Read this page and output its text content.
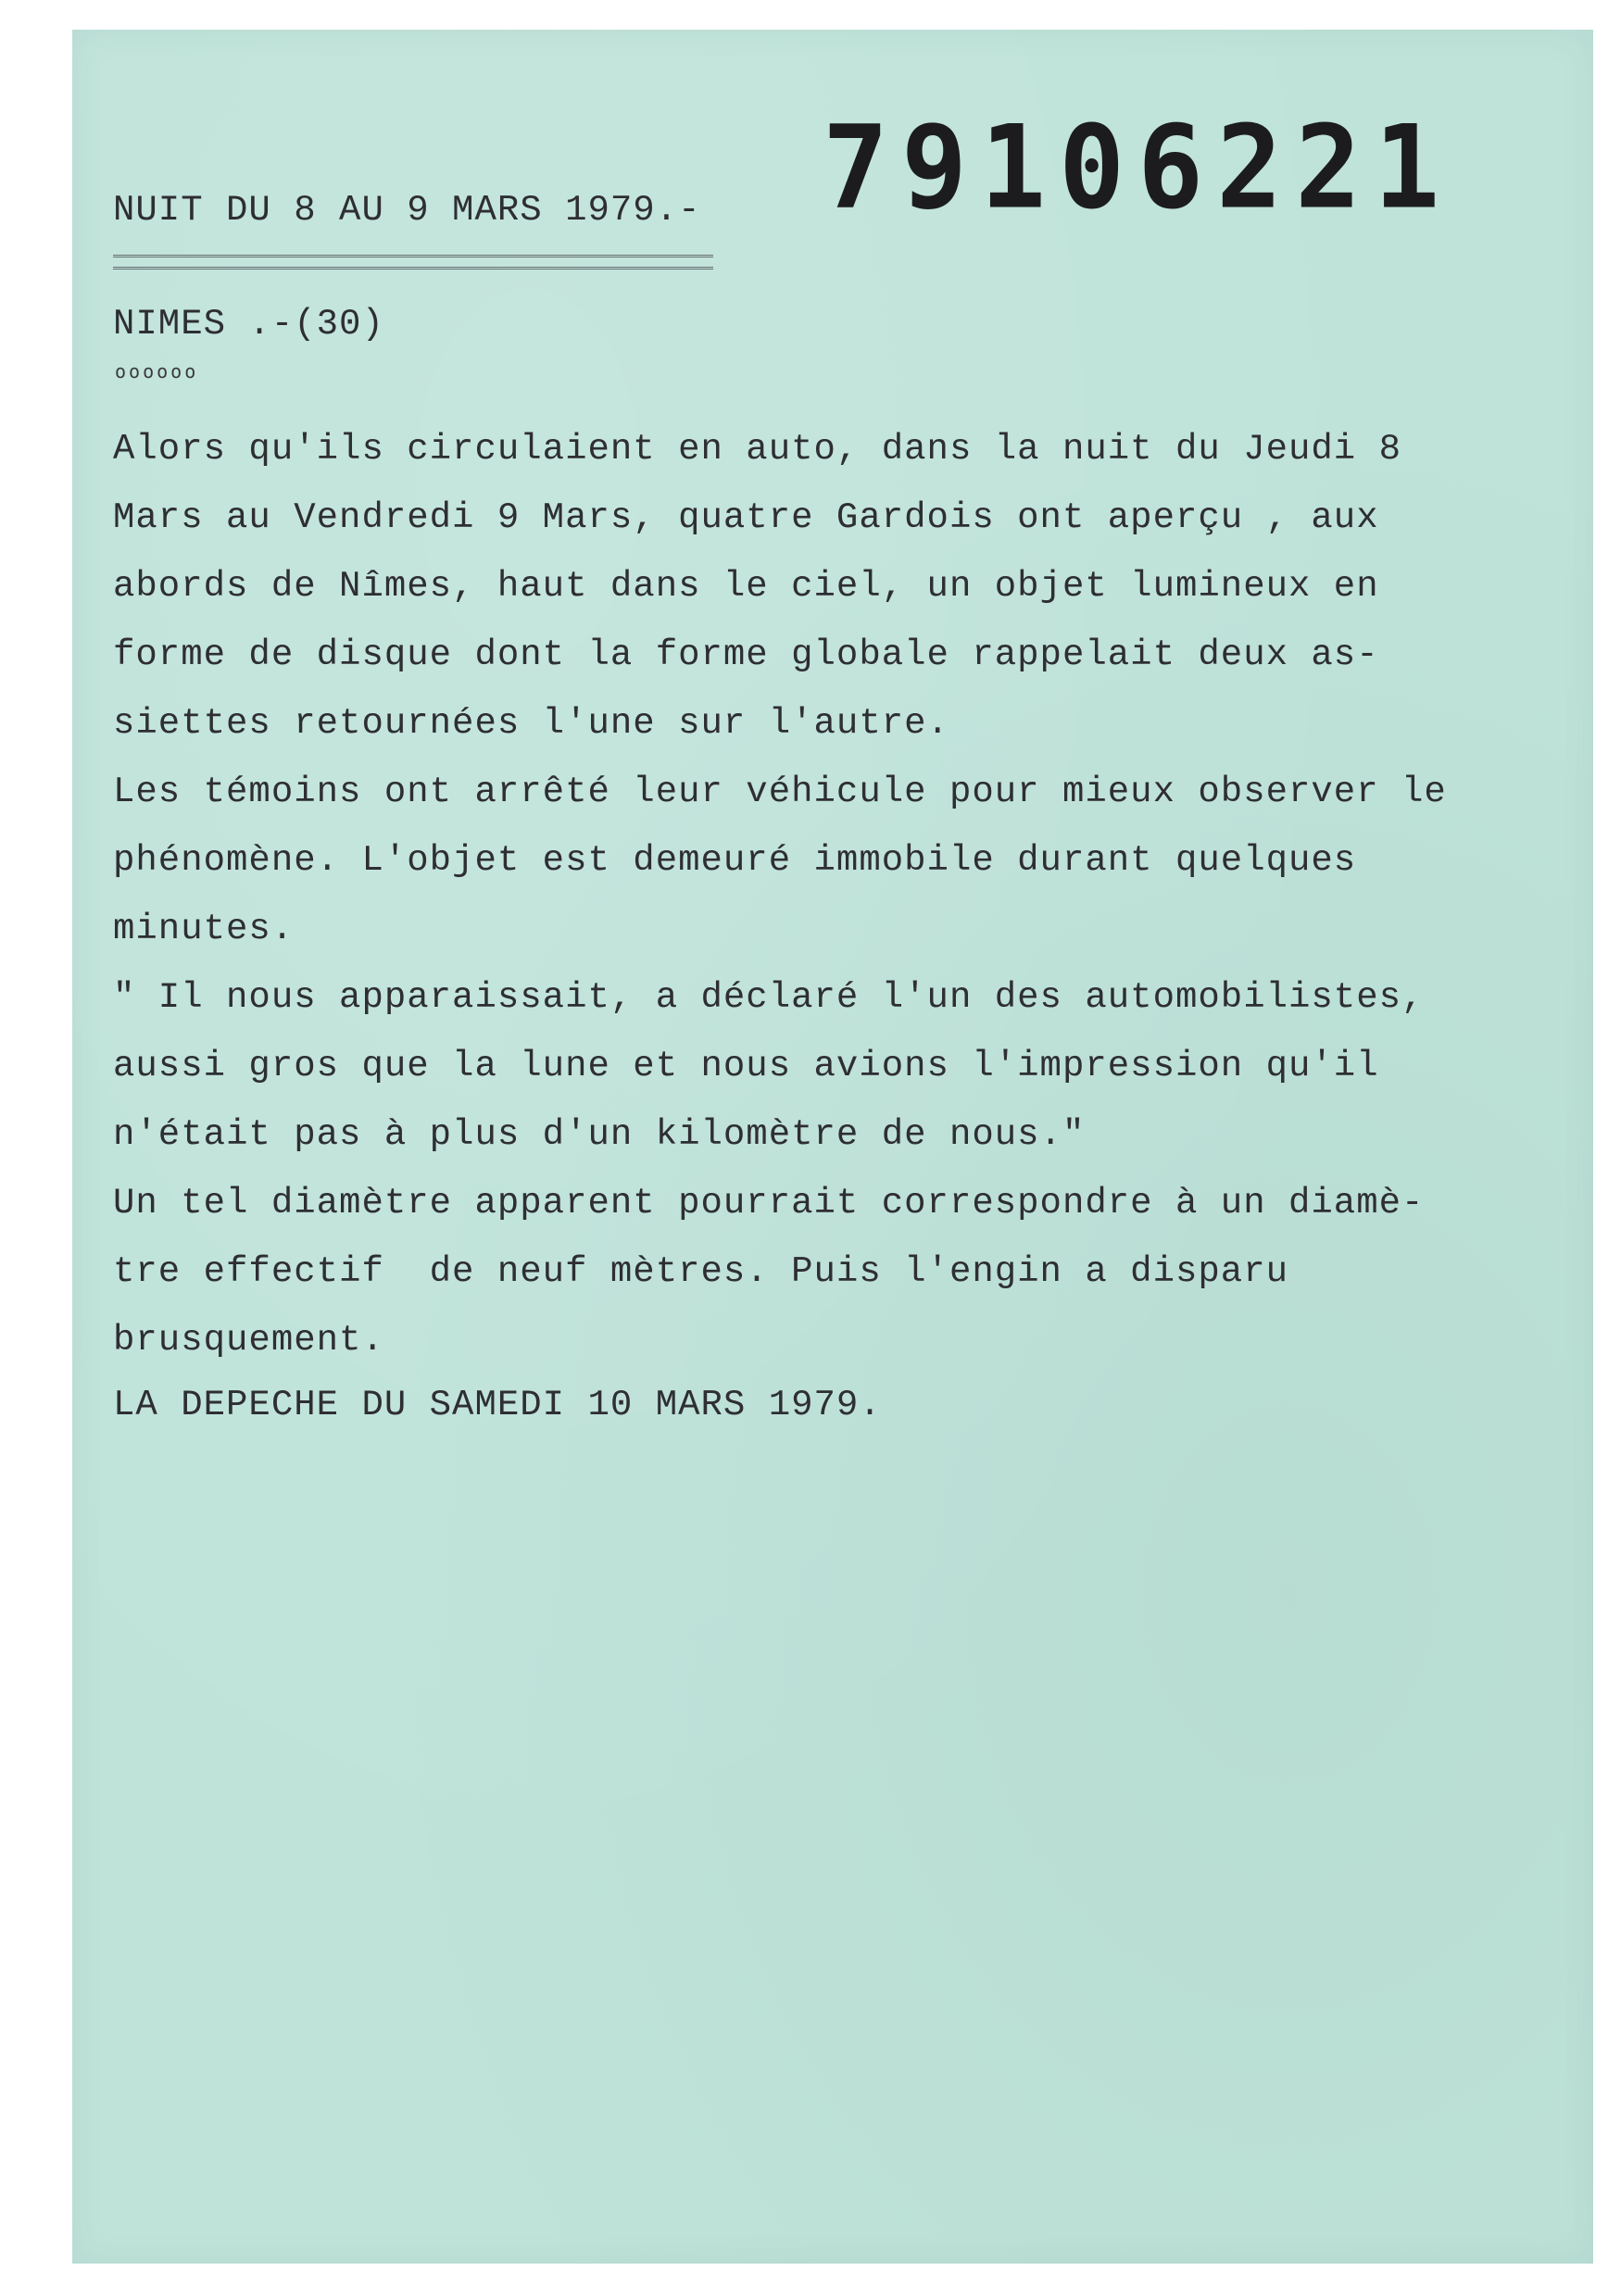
79106221

NUIT DU 8 AU 9 MARS 1979.-

NIMES .-(30)

oooooo
Alors qu'ils circulaient en auto, dans la nuit du Jeudi 8
Mars au Vendredi 9 Mars, quatre Gardois ont aperçu , aux
abords de Nîmes, haut dans le ciel, un objet lumineux en
forme de disque dont la forme globale rappelait deux as-
siettes retournées l'une sur l'autre.
Les témoins ont arrêté leur véhicule pour mieux observer le
phénomène. L'objet est demeuré immobile durant quelques
minutes.
" Il nous apparaissait, a déclaré l'un des automobilistes,
aussi gros que la lune et nous avions l'impression qu'il
n'était pas à plus d'un kilomètre de nous."
Un tel diamètre apparent pourrait correspondre à un diamè-
tre effectif  de neuf mètres. Puis l'engin a disparu
brusquement.

LA DEPECHE DU SAMEDI 10 MARS 1979.
